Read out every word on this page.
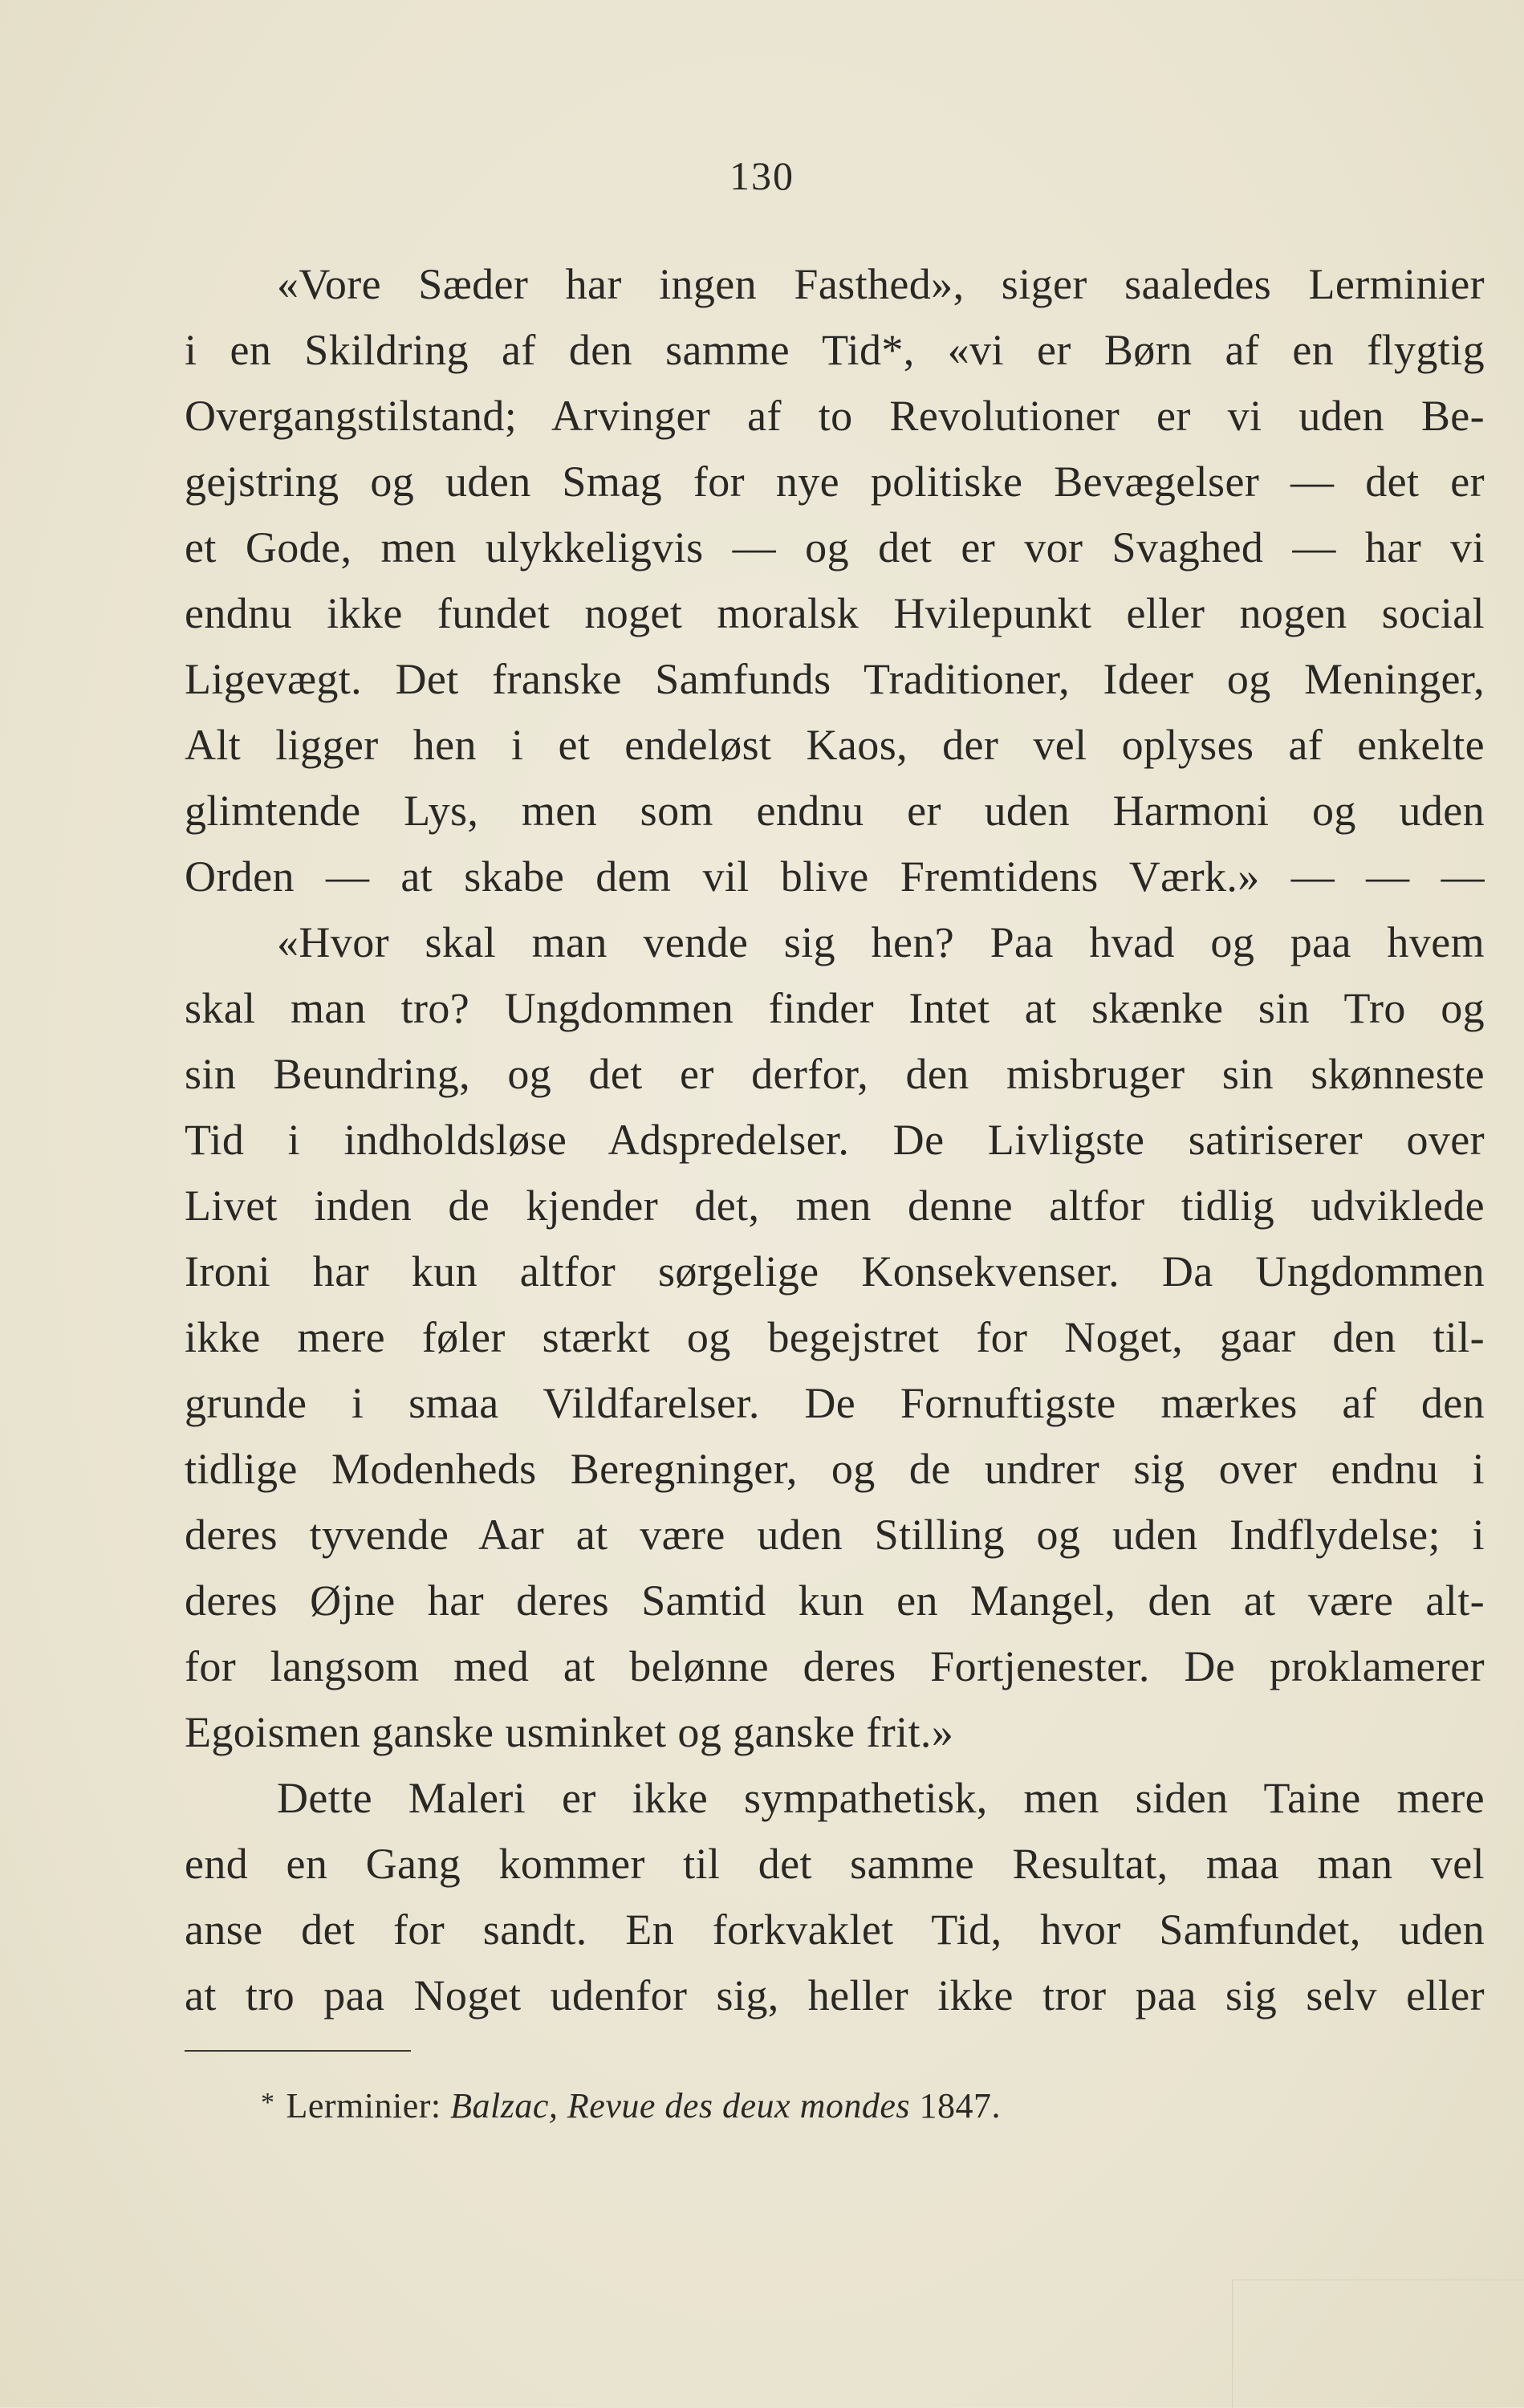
130
«Vore Sæder har ingen Fasthed», siger saaledes Lerminier
i en Skildring af den samme Tid*, «vi er Børn af en flygtig
Overgangstilstand; Arvinger af to Revolutioner er vi uden Be-
gejstring og uden Smag for nye politiske Bevægelser — det er
et Gode, men ulykkeligvis — og det er vor Svaghed — har vi
endnu ikke fundet noget moralsk Hvilepunkt eller nogen social
Ligevægt. Det franske Samfunds Traditioner, Ideer og Meninger,
Alt ligger hen i et endeløst Kaos, der vel oplyses af enkelte
glimtende Lys, men som endnu er uden Harmoni og uden
Orden — at skabe dem vil blive Fremtidens Værk.» — — —
«Hvor skal man vende sig hen? Paa hvad og paa hvem
skal man tro? Ungdommen finder Intet at skænke sin Tro og
sin Beundring, og det er derfor, den misbruger sin skønneste
Tid i indholdsløse Adspredelser. De Livligste satiriserer over
Livet inden de kjender det, men denne altfor tidlig udviklede
Ironi har kun altfor sørgelige Konsekvenser. Da Ungdommen
ikke mere føler stærkt og begejstret for Noget, gaar den til-
grunde i smaa Vildfarelser. De Fornuftigste mærkes af den
tidlige Modenheds Beregninger, og de undrer sig over endnu i
deres tyvende Aar at være uden Stilling og uden Indflydelse; i
deres Øjne har deres Samtid kun en Mangel, den at være alt-
for langsom med at belønne deres Fortjenester. De proklamerer
Egoismen ganske usminket og ganske frit.»
Dette Maleri er ikke sympathetisk, men siden Taine mere
end en Gang kommer til det samme Resultat, maa man vel
anse det for sandt. En forkvaklet Tid, hvor Samfundet, uden
at tro paa Noget udenfor sig, heller ikke tror paa sig selv eller
* Lerminier: Balzac, Revue des deux mondes 1847.
